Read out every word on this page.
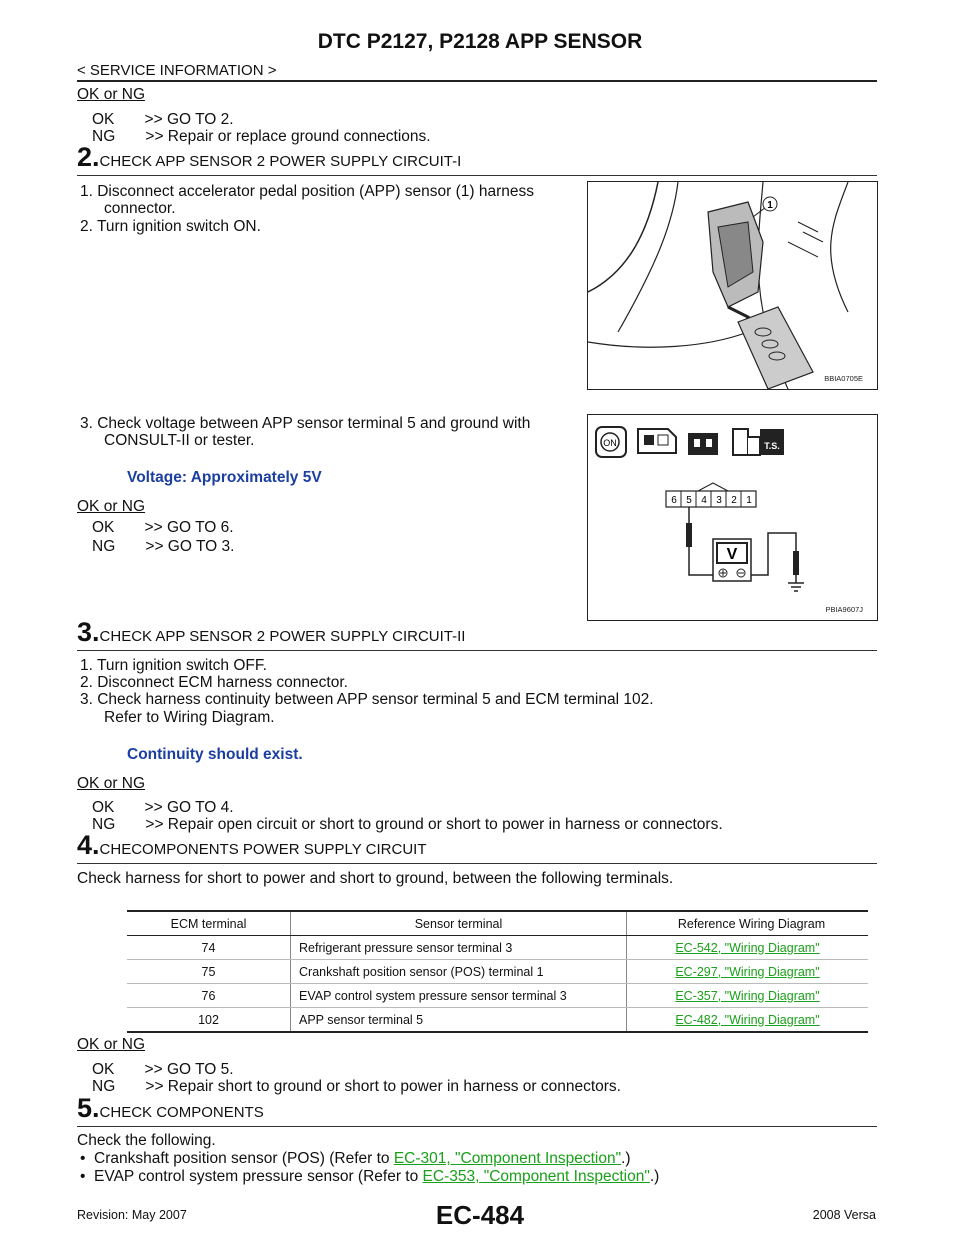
DTC P2127, P2128 APP SENSOR
< SERVICE INFORMATION >
OK or NG
OK       >> GO TO 2.
NG       >> Repair or replace ground connections.
2.CHECK APP SENSOR 2 POWER SUPPLY CIRCUIT-I
1. Disconnect accelerator pedal position (APP) sensor (1) harness
connector.
2. Turn ignition switch ON.
1
BBIA0705E
3. Check voltage between APP sensor terminal 5 and ground with
CONSULT-II or tester.
Voltage: Approximately 5V
OK or NG
OK       >> GO TO 6.
NG       >> GO TO 3.
ON	T.S.
6 5 4 3 2 1
V
PBIA9607J
3.CHECK APP SENSOR 2 POWER SUPPLY CIRCUIT-II
1. Turn ignition switch OFF.
2. Disconnect ECM harness connector.
3. Check harness continuity between APP sensor terminal 5 and ECM terminal 102.
Refer to Wiring Diagram.
Continuity should exist.
OK or NG
OK       >> GO TO 4.
NG       >> Repair open circuit or short to ground or short to power in harness or connectors.
4.CHECOMPONENTS POWER SUPPLY CIRCUIT
Check harness for short to power and short to ground, between the following terminals.
ECM terminal	Sensor terminal	Reference Wiring Diagram
74	Refrigerant pressure sensor terminal 3	EC-542, "Wiring Diagram"
75	Crankshaft position sensor (POS) terminal 1	EC-297, "Wiring Diagram"
76	EVAP control system pressure sensor terminal 3	EC-357, "Wiring Diagram"
102	APP sensor terminal 5	EC-482, "Wiring Diagram"
OK or NG
OK       >> GO TO 5.
NG       >> Repair short to ground or short to power in harness or connectors.
5.CHECK COMPONENTS
Check the following.
•  Crankshaft position sensor (POS) (Refer to EC-301, "Component Inspection".)
•  EVAP control system pressure sensor (Refer to EC-353, "Component Inspection".)
Revision: May 2007	EC-484	2008 Versa
